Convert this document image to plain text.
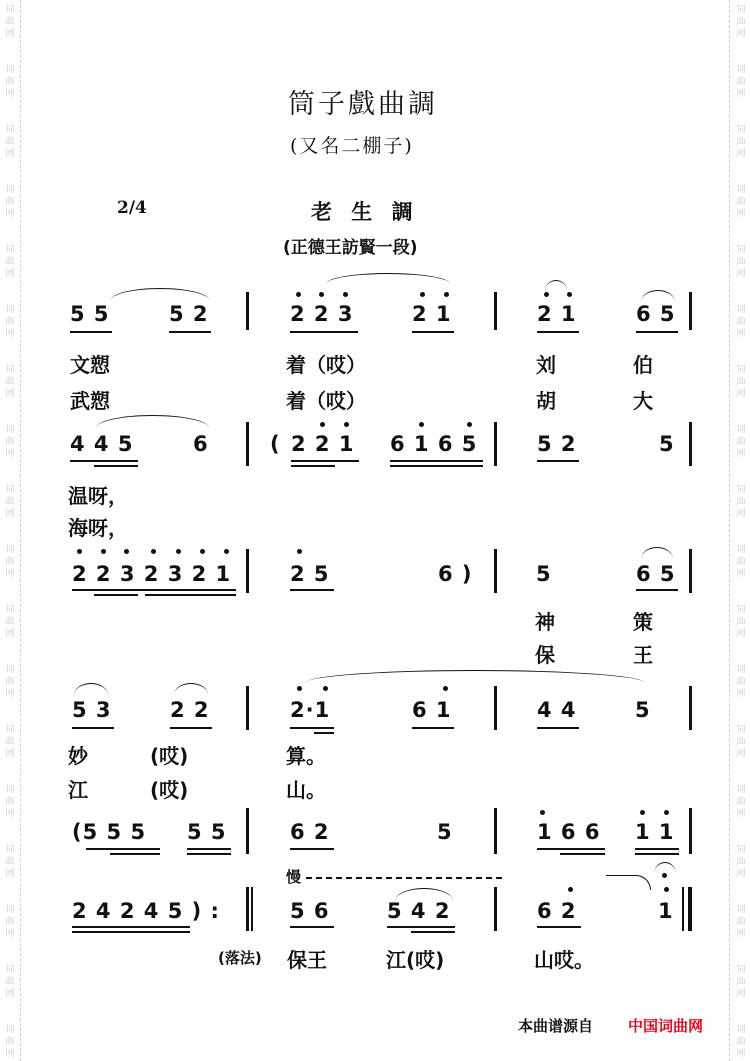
词曲网
词曲网
词曲网
词曲网
词曲网
词曲网
词曲网
词曲网
词曲网
词曲网
词曲网
词曲网
词曲网
词曲网
词曲网
词曲网
词曲网
词曲网
词曲网
词曲网
词曲网
词曲网
词曲网
词曲网
词曲网
词曲网
词曲网
词曲网
词曲网
词曲网
词曲网
词曲网
词曲网
词曲网
词曲网
词曲网
筒子戲曲調
(又名二棚子)
2/4	老 生 調
(正德王訪賢一段)
5 5	5 2	2 2 3	2 1	2 1	6 5
文愬	着（哎）	刘	伯
武愬	着（哎）	胡	大
4 4 5	6	( 2 2 1 6 1 6 5	5 2	5
温呀，
海呀，
2 2 3 2 3 2 1	2 5	6 )	5	6 5
神	策
保	王
5 3	2 2	2·1	6 1	4 4	5
妙	(哎)	算。
江	(哎)	山。
(5 5 5 5 5	6 2	5	1 6 6 1 1
慢
2 4 2 4 5 ) :	5 6	5 4 2	6 2	1
(落法) 保王	江(哎)	山哎。
本曲谱源自 中国词曲网
